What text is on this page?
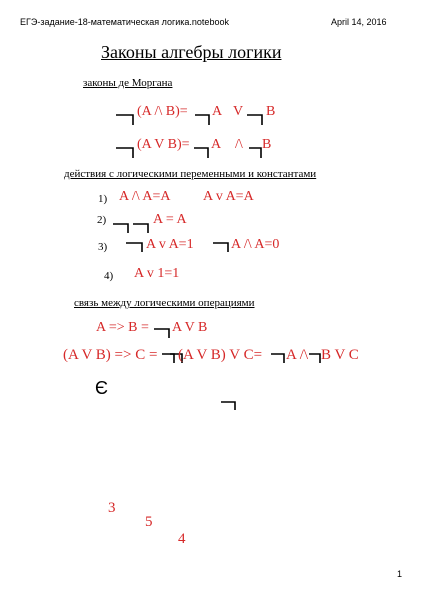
ЕГЭ-задание-18-математическая логика.notebook	April 14, 2016
Законы алгебры логики
законы де Моргана
(A /\ B)= A V B
(A V B)= A /\ B
действия с логическими переменными и константами
1) A /\ A=A A v A=A
2)	A = A
3)	A v A=1	A /\ A=0
4) A v 1=1
связь между логическими операциями
A => B = A V B
(A V B) => C = (A V B) V C= A /\ B V C
Є
3
5
4
1
